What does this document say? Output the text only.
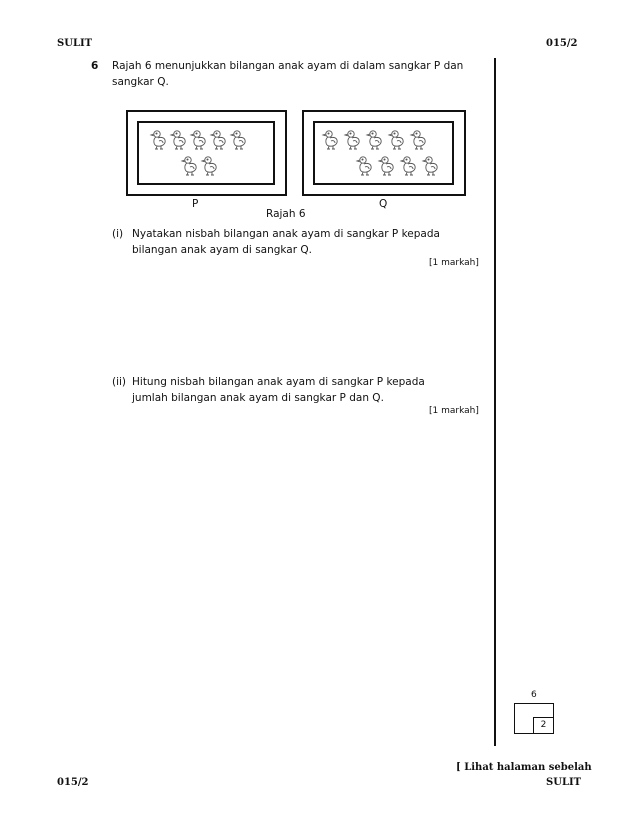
SULIT	015/2
6 Rajah 6 menunjukkan bilangan anak ayam di dalam sangkar P dan
sangkar Q.
P	Q
Rajah 6
(i) Nyatakan nisbah bilangan anak ayam di sangkar P kepada
bilangan anak ayam di sangkar Q.
[1 markah]
(ii) Hitung nisbah bilangan anak ayam di sangkar P kepada
jumlah bilangan anak ayam di sangkar P dan Q.
[1 markah]
6
2
[ Lihat halaman sebelah
SULIT
015/2
